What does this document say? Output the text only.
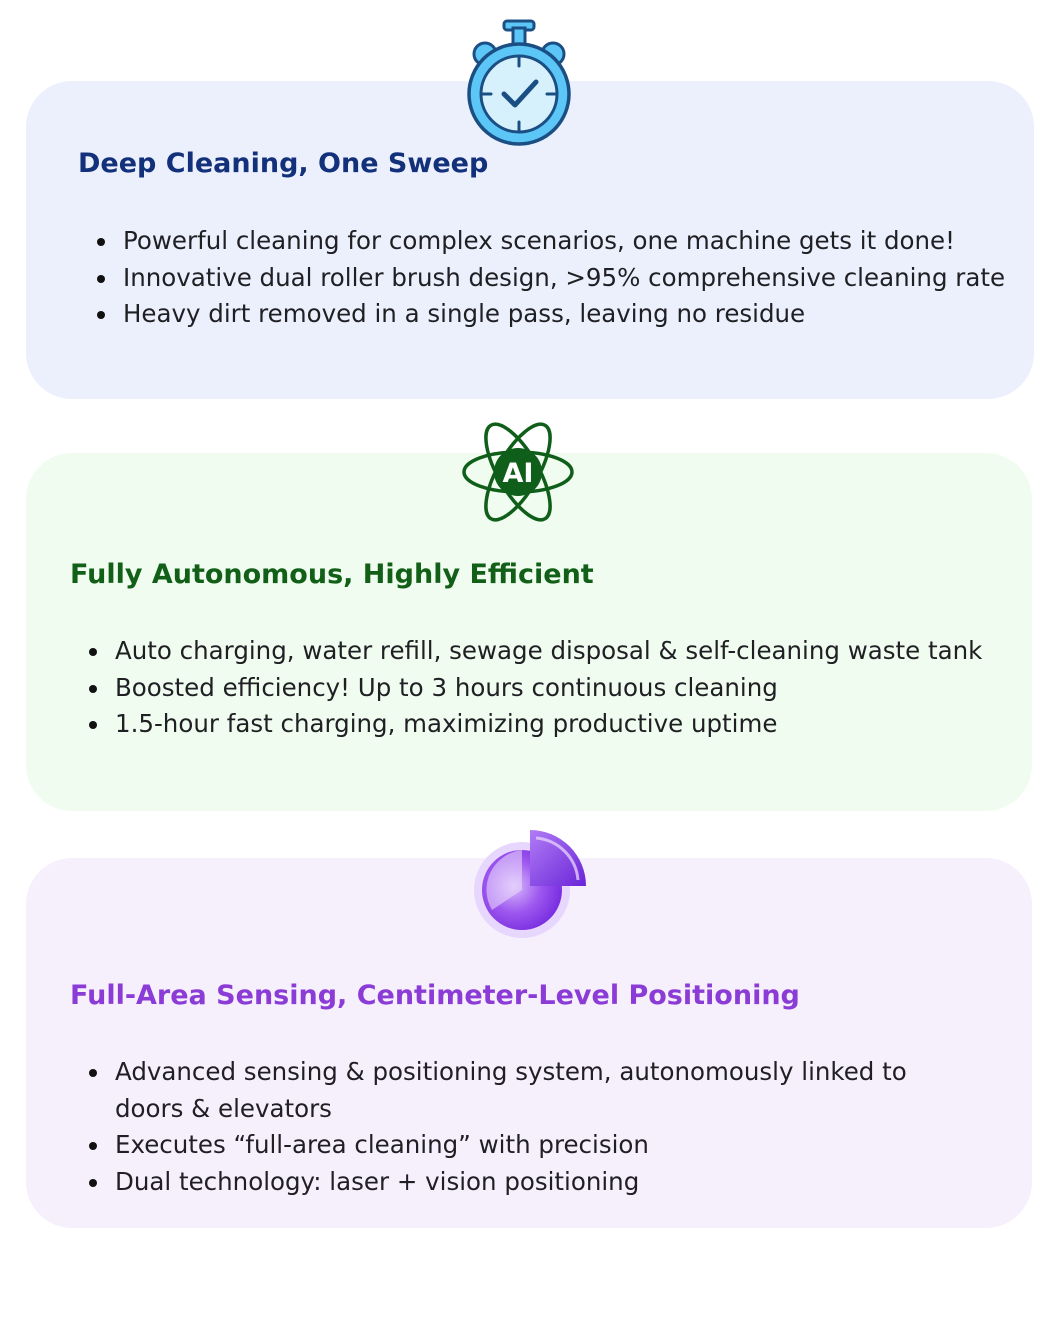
Deep Cleaning, One Sweep
Powerful cleaning for complex scenarios, one machine gets it done!
Innovative dual roller brush design, >95% comprehensive cleaning rate
Heavy dirt removed in a single pass, leaving no residue
AI
Fully Autonomous, Highly Efficient
Auto charging, water refill, sewage disposal & self-cleaning waste tank
Boosted efficiency! Up to 3 hours continuous cleaning
1.5-hour fast charging, maximizing productive uptime
Full-Area Sensing, Centimeter-Level Positioning
Advanced sensing & positioning system, autonomously linked to doors & elevators
Executes “full-area cleaning” with precision
Dual technology: laser + vision positioning
